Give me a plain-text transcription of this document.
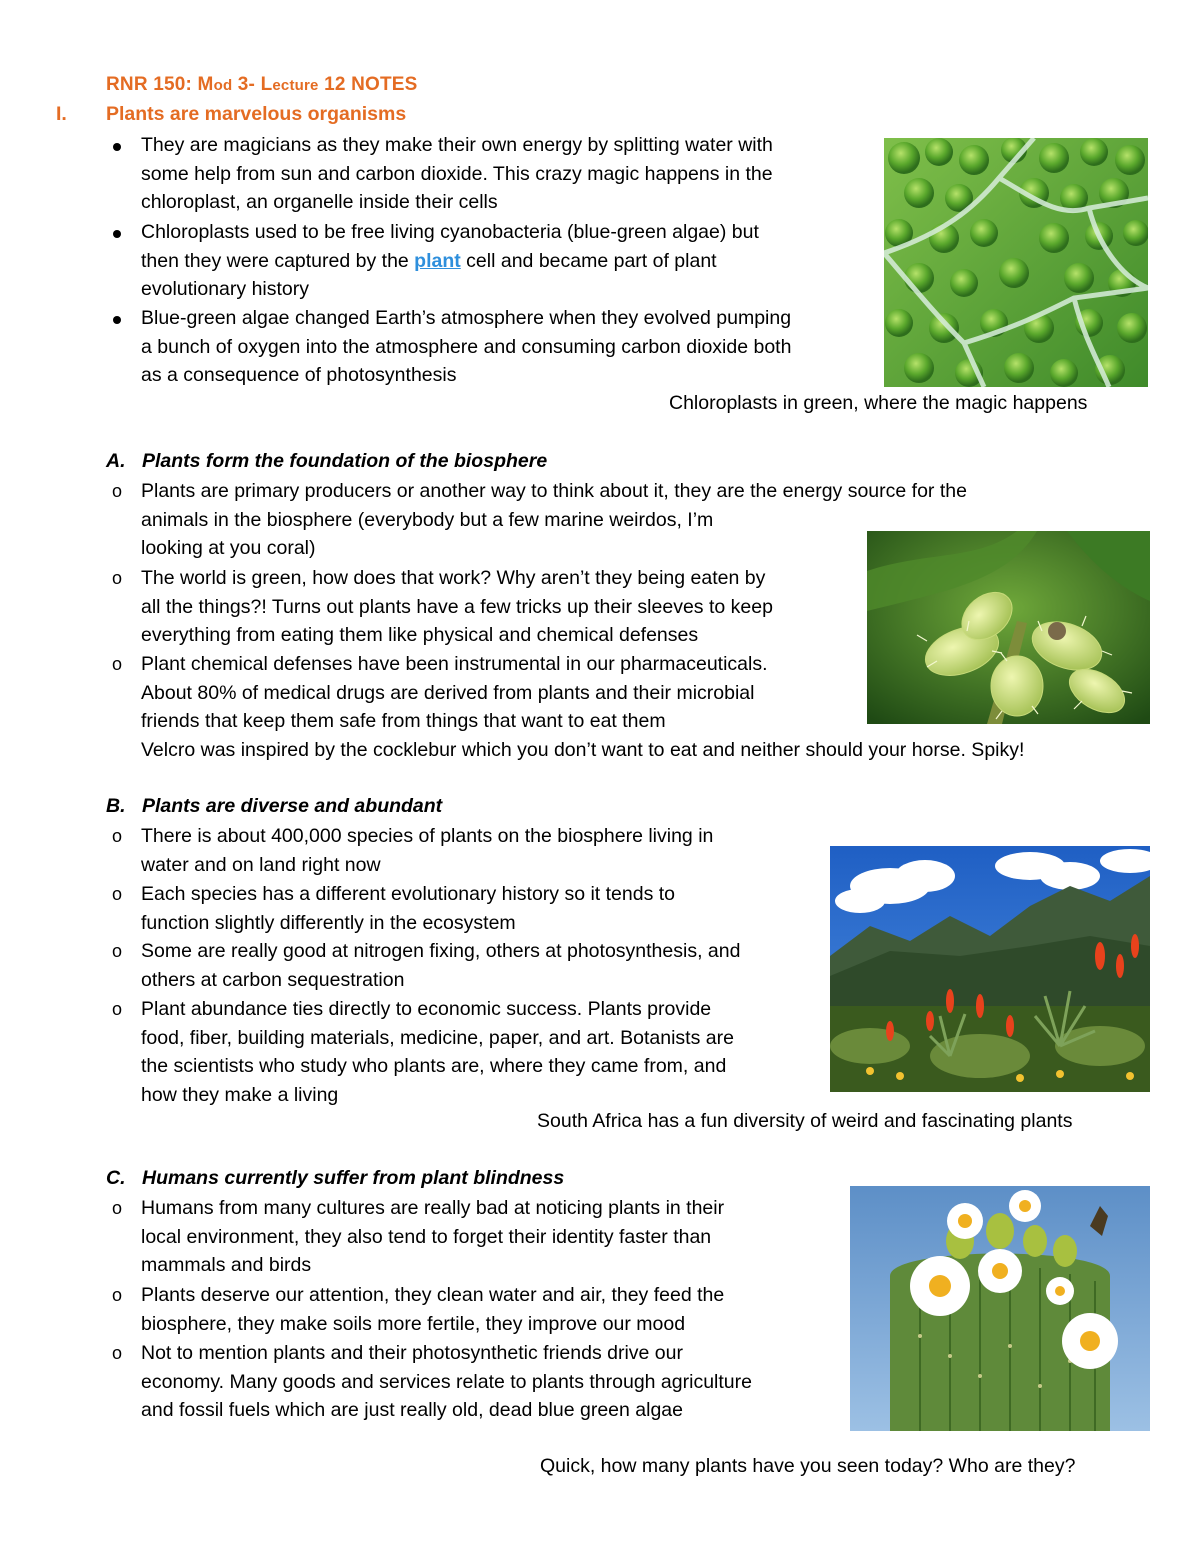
RNR 150: Mod 3- Lecture 12 NOTES
I. Plants are marvelous organisms
They are magicians as they make their own energy by splitting water with
some help from sun and carbon dioxide. This crazy magic happens in the
chloroplast, an organelle inside their cells
Chloroplasts used to be free living cyanobacteria (blue-green algae) but
then they were captured by the plant cell and became part of plant
evolutionary history
Blue-green algae changed Earth’s atmosphere when they evolved pumping
a bunch of oxygen into the atmosphere and consuming carbon dioxide both
as a consequence of photosynthesis
Chloroplasts in green, where the magic happens
A. Plants form the foundation of the biosphere
o Plants are primary producers or another way to think about it, they are the energy source for the
animals in the biosphere (everybody but a few marine weirdos, I’m
looking at you coral)
o The world is green, how does that work? Why aren’t they being eaten by
all the things?! Turns out plants have a few tricks up their sleeves to keep
everything from eating them like physical and chemical defenses
o Plant chemical defenses have been instrumental in our pharmaceuticals.
About 80% of medical drugs are derived from plants and their microbial
friends that keep them safe from things that want to eat them
Velcro was inspired by the cocklebur which you don’t want to eat and neither should your horse. Spiky!
B. Plants are diverse and abundant
o There is about 400,000 species of plants on the biosphere living in
water and on land right now
o Each species has a different evolutionary history so it tends to
function slightly differently in the ecosystem
o Some are really good at nitrogen fixing, others at photosynthesis, and
others at carbon sequestration
o Plant abundance ties directly to economic success. Plants provide
food, fiber, building materials, medicine, paper, and art. Botanists are
the scientists who study who plants are, where they came from, and
how they make a living
South Africa has a fun diversity of weird and fascinating plants
C. Humans currently suffer from plant blindness
o Humans from many cultures are really bad at noticing plants in their
local environment, they also tend to forget their identity faster than
mammals and birds
o Plants deserve our attention, they clean water and air, they feed the
biosphere, they make soils more fertile, they improve our mood
o Not to mention plants and their photosynthetic friends drive our
economy. Many goods and services relate to plants through agriculture
and fossil fuels which are just really old, dead blue green algae
Quick, how many plants have you seen today? Who are they?
